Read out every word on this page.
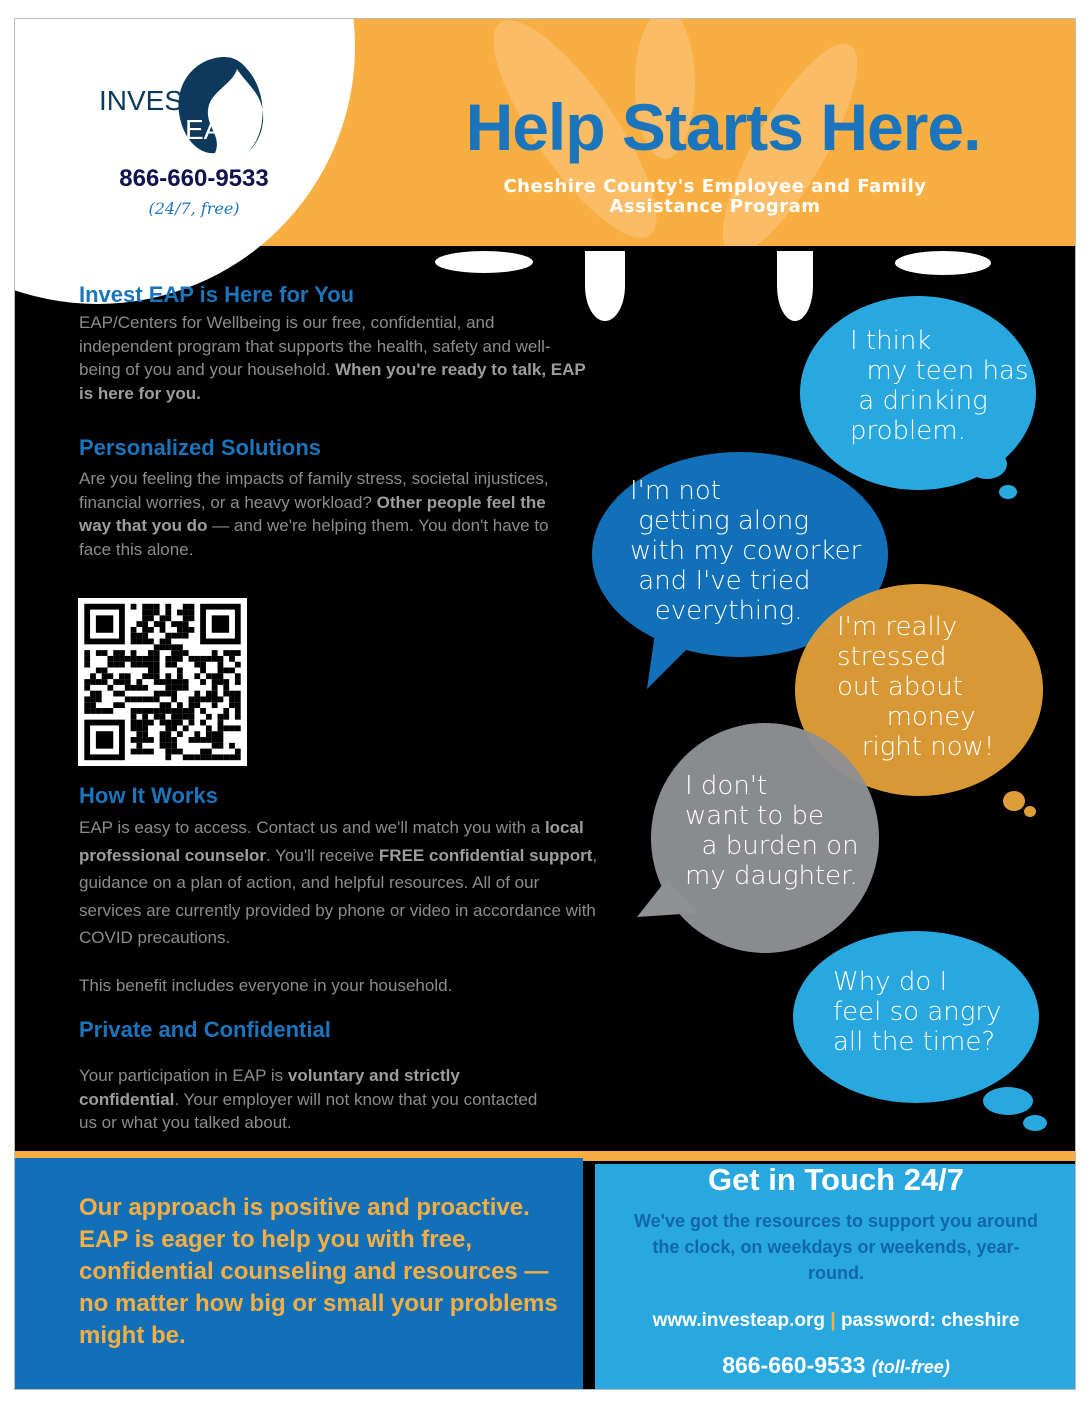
Help Starts Here.
Cheshire County's Employee and Family Assistance Program
INVEST
EAP
866-660-9533
(24/7, free)
Invest EAP is Here for You

EAP/Centers for Wellbeing is our free, confidential, and independent program that supports the health, safety and well-being of you and your household. When you're ready to talk, EAP is here for you.

Personalized Solutions

Are you feeling the impacts of family stress, societal injustices, financial worries, or a heavy workload? Other people feel the way that you do — and we're helping them. You don't have to face this alone.

How It Works

EAP is easy to access. Contact us and we'll match you with a local professional counselor. You'll receive FREE confidential support, guidance on a plan of action, and helpful resources. All of our services are currently provided by phone or video in accordance with COVID precautions.

This benefit includes everyone in your household.

Private and Confidential

Your participation in EAP is voluntary and strictly confidential. Your employer will not know that you contacted us or what you talked about.

I think
my teen has
a drinking
problem.
I'm not
getting along
with my coworker
and I've tried
everything.
I'm really
stressed
out about
money
right now!
I don't
want to be
a burden on
my daughter.
Why do I
feel so angry
all the time?

Our approach is positive and proactive. EAP is eager to help you with free, confidential counseling and resources — no matter how big or small your problems might be.

Get in Touch 24/7
We've got the resources to support you around the clock, on weekdays or weekends, year-round.
www.investeap.org | password: cheshire
866-660-9533 (toll-free)
